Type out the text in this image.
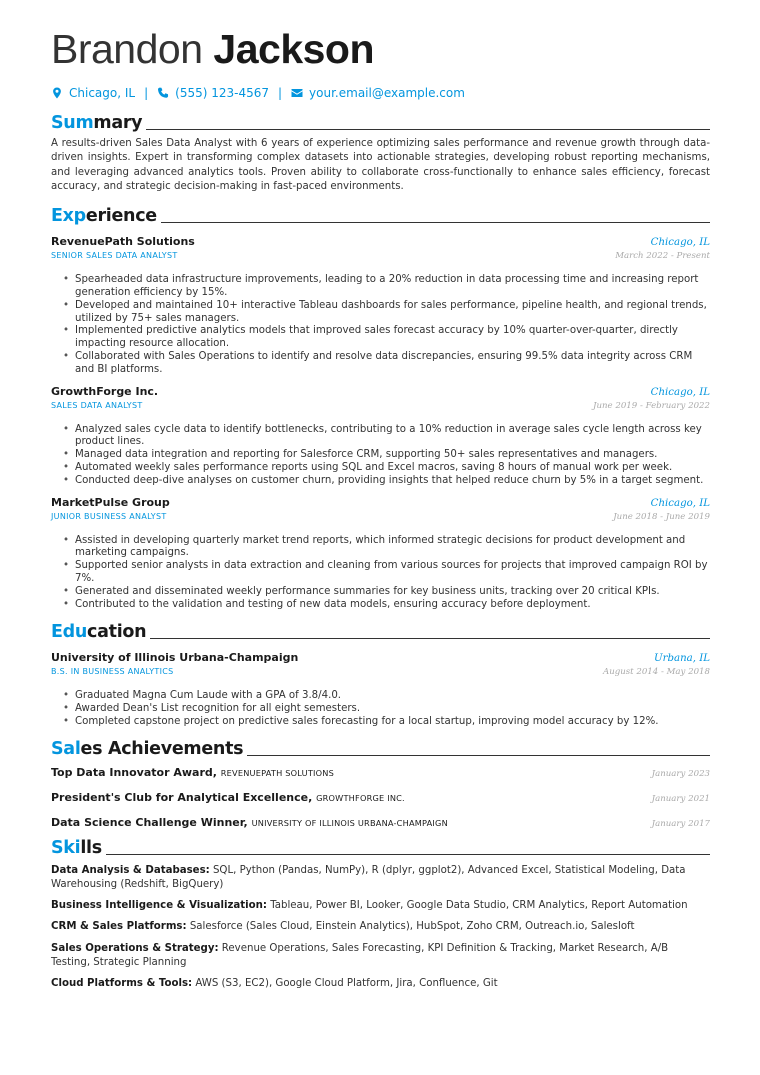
Brandon Jackson
Chicago, IL | (555) 123-4567 | your.email@example.com
Summary

A results-driven Sales Data Analyst with 6 years of experience optimizing sales performance and revenue growth through data-driven insights. Expert in transforming complex datasets into actionable strategies, developing robust reporting mechanisms, and leveraging advanced analytics tools. Proven ability to collaborate cross-functionally to enhance sales efficiency, forecast accuracy, and strategic decision-making in fast-paced environments.

Experience
RevenuePath Solutions	Chicago, IL
SENIOR SALES DATA ANALYST	March 2022 - Present
• Spearheaded data infrastructure improvements, leading to a 20% reduction in data processing time and increasing report generation efficiency by 15%.
• Developed and maintained 10+ interactive Tableau dashboards for sales performance, pipeline health, and regional trends, utilized by 75+ sales managers.
• Implemented predictive analytics models that improved sales forecast accuracy by 10% quarter-over-quarter, directly impacting resource allocation.
• Collaborated with Sales Operations to identify and resolve data discrepancies, ensuring 99.5% data integrity across CRM and BI platforms.
GrowthForge Inc.	Chicago, IL
SALES DATA ANALYST	June 2019 - February 2022
• Analyzed sales cycle data to identify bottlenecks, contributing to a 10% reduction in average sales cycle length across key product lines.
• Managed data integration and reporting for Salesforce CRM, supporting 50+ sales representatives and managers.
• Automated weekly sales performance reports using SQL and Excel macros, saving 8 hours of manual work per week.
• Conducted deep-dive analyses on customer churn, providing insights that helped reduce churn by 5% in a target segment.
MarketPulse Group	Chicago, IL
JUNIOR BUSINESS ANALYST	June 2018 - June 2019
• Assisted in developing quarterly market trend reports, which informed strategic decisions for product development and marketing campaigns.
• Supported senior analysts in data extraction and cleaning from various sources for projects that improved campaign ROI by 7%.
• Generated and disseminated weekly performance summaries for key business units, tracking over 20 critical KPIs.
• Contributed to the validation and testing of new data models, ensuring accuracy before deployment.
Education
University of Illinois Urbana-Champaign	Urbana, IL
B.S. IN BUSINESS ANALYTICS	August 2014 - May 2018
• Graduated Magna Cum Laude with a GPA of 3.8/4.0.
• Awarded Dean's List recognition for all eight semesters.
• Completed capstone project on predictive sales forecasting for a local startup, improving model accuracy by 12%.
Sales Achievements
Top Data Innovator Award, REVENUEPATH SOLUTIONS	January 2023
President's Club for Analytical Excellence, GROWTHFORGE INC.	January 2021
Data Science Challenge Winner, UNIVERSITY OF ILLINOIS URBANA-CHAMPAIGN	January 2017
Skills

Data Analysis & Databases: SQL, Python (Pandas, NumPy), R (dplyr, ggplot2), Advanced Excel, Statistical Modeling, Data Warehousing (Redshift, BigQuery)

Business Intelligence & Visualization: Tableau, Power BI, Looker, Google Data Studio, CRM Analytics, Report Automation

CRM & Sales Platforms: Salesforce (Sales Cloud, Einstein Analytics), HubSpot, Zoho CRM, Outreach.io, Salesloft

Sales Operations & Strategy: Revenue Operations, Sales Forecasting, KPI Definition & Tracking, Market Research, A/B Testing, Strategic Planning

Cloud Platforms & Tools: AWS (S3, EC2), Google Cloud Platform, Jira, Confluence, Git
